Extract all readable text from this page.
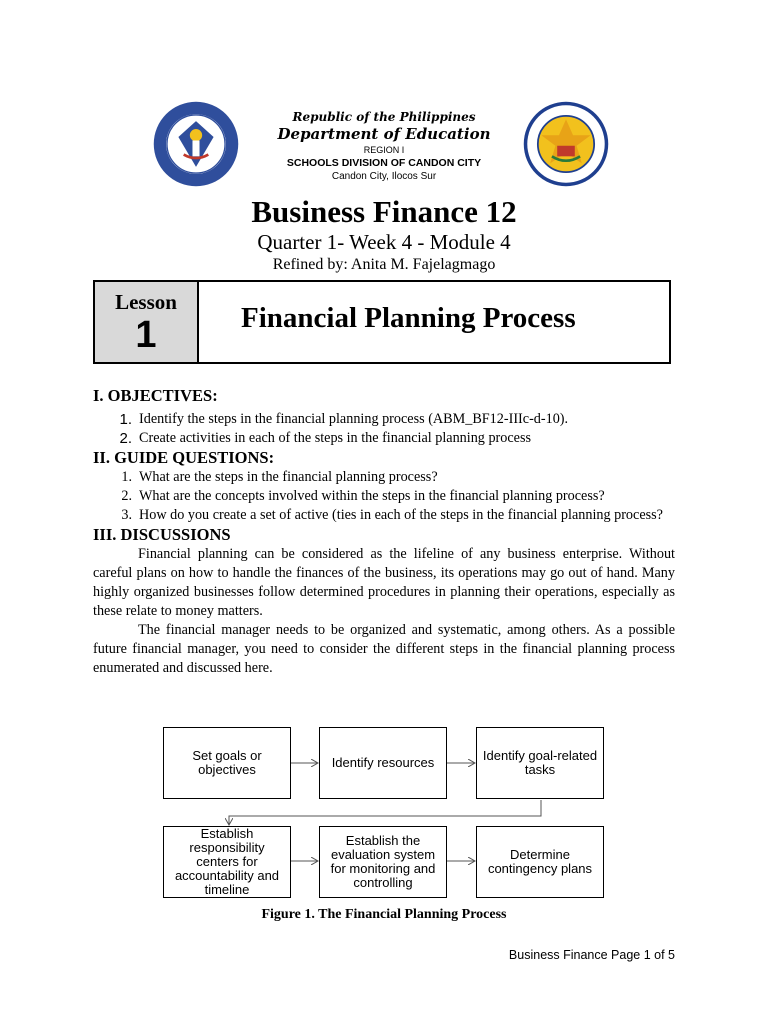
Republic of the Philippines
Department of Education
REGION I
SCHOOLS DIVISION OF CANDON CITY
Candon City, Ilocos Sur
Business Finance 12
Quarter 1- Week 4 - Module 4
Refined by: Anita M. Fajelagmago
Lesson
1	Financial Planning Process
I. OBJECTIVES:
1. Identify the steps in the financial planning process (ABM_BF12-IIIc-d-10).
2. Create activities in each of the steps in the financial planning process
II. GUIDE QUESTIONS:
1. What are the steps in the financial planning process?
2. What are the concepts involved within the steps in the financial planning process?
3. How do you create a set of active (ties in each of the steps in the financial planning process?
III. DISCUSSIONS

Financial planning can be considered as the lifeline of any business enterprise. Without careful plans on how to handle the finances of the business, its operations may go out of hand. Many highly organized businesses follow determined procedures in planning their operations, especially as these relate to money matters.

The financial manager needs to be organized and systematic, among others. As a possible future financial manager, you need to consider the different steps in the financial planning process enumerated and discussed here.

Set goals or objectives	Identify resources	Identify goal-related tasks
Establish responsibility centers for accountability and timeline
Establish the evaluation system for monitoring and controlling
Determine contingency plans
Figure 1. The Financial Planning Process
Business Finance Page 1 of 5
